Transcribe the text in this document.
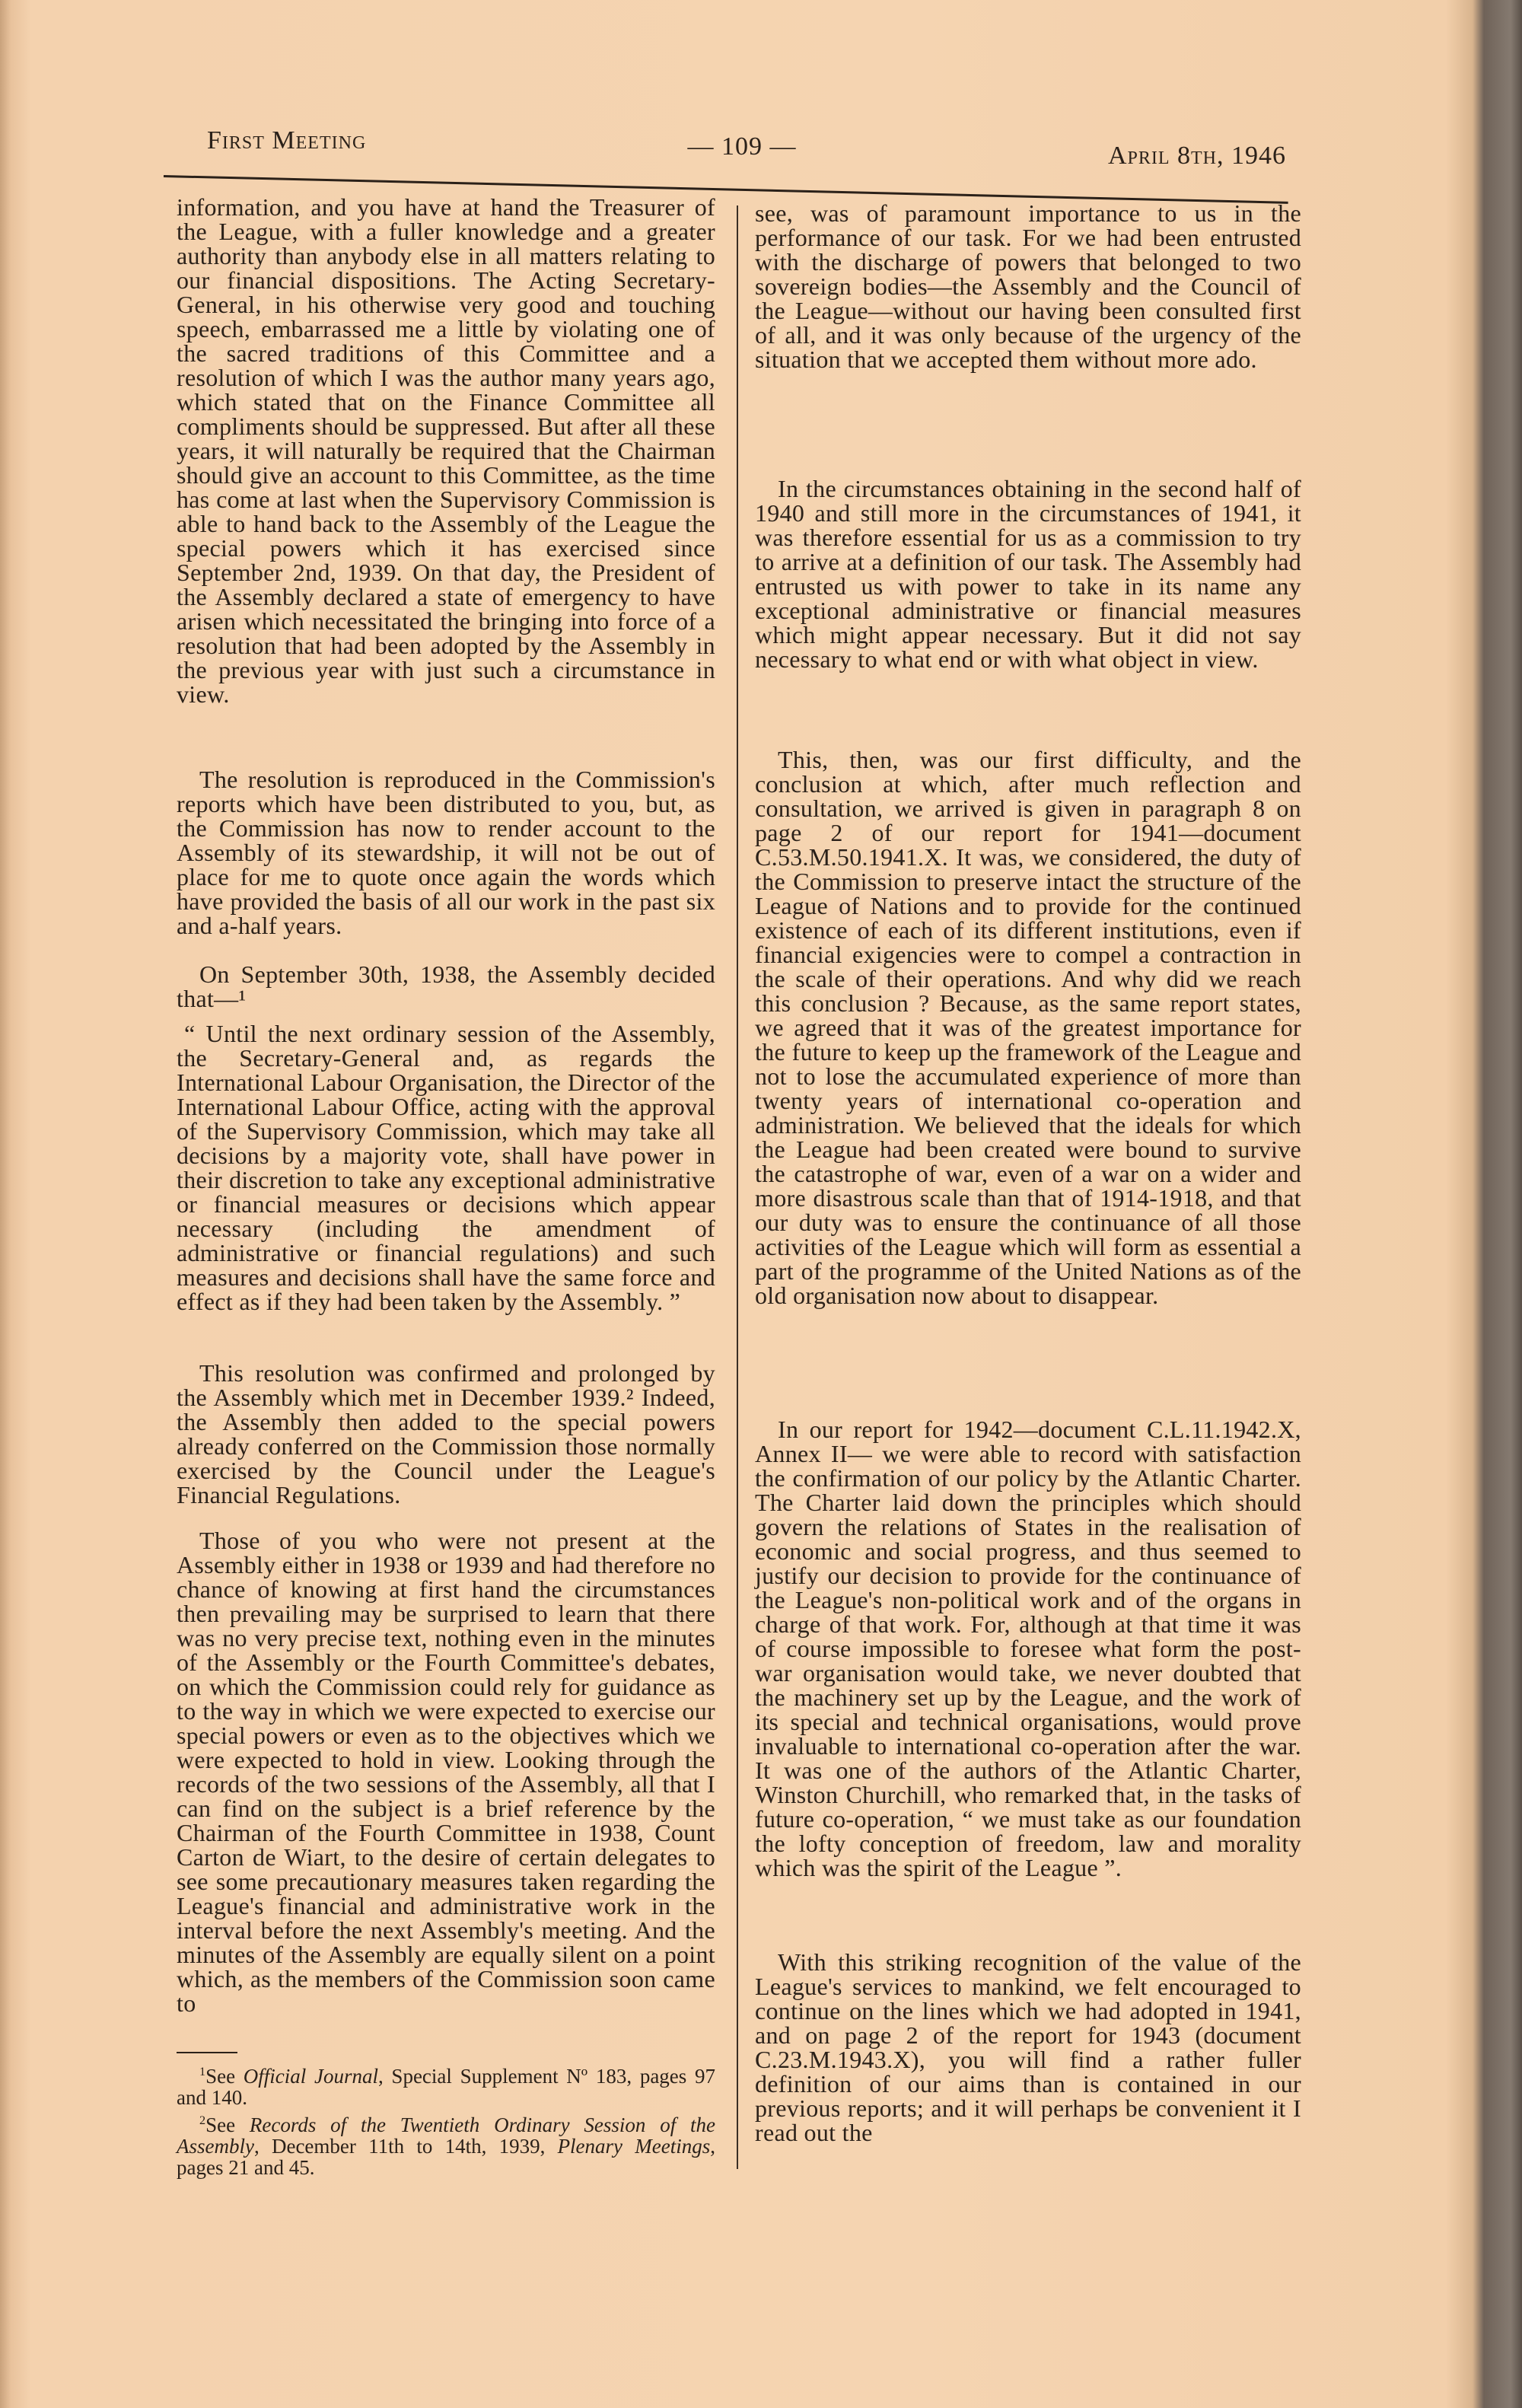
First Meeting	— 109 —	April 8th, 1946

information, and you have at hand the Treasurer of the League, with a fuller knowledge and a greater authority than anybody else in all matters relating to our financial dispositions. The Acting Secretary-General, in his otherwise very good and touching speech, embarrassed me a little by violating one of the sacred traditions of this Committee and a resolution of which I was the author many years ago, which stated that on the Finance Committee all compliments should be suppressed. But after all these years, it will naturally be required that the Chairman should give an account to this Committee, as the time has come at last when the Supervisory Commission is able to hand back to the Assembly of the League the special powers which it has exercised since September 2nd, 1939. On that day, the President of the Assembly declared a state of emergency to have arisen which necessitated the bringing into force of a resolution that had been adopted by the Assembly in the previous year with just such a circumstance in view.

The resolution is reproduced in the Commission's reports which have been distributed to you, but, as the Commission has now to render account to the Assembly of its stewardship, it will not be out of place for me to quote once again the words which have provided the basis of all our work in the past six and a-half years.

On September 30th, 1938, the Assembly decided that—¹

“ Until the next ordinary session of the Assembly, the Secretary-General and, as regards the International Labour Organisation, the Director of the International Labour Office, acting with the approval of the Supervisory Commission, which may take all decisions by a majority vote, shall have power in their discretion to take any exceptional administrative or financial measures or decisions which appear necessary (including the amendment of administrative or financial regulations) and such measures and decisions shall have the same force and effect as if they had been taken by the Assembly. ”

This resolution was confirmed and prolonged by the Assembly which met in December 1939.² Indeed, the Assembly then added to the special powers already conferred on the Commission those normally exercised by the Council under the League's Financial Regulations.

Those of you who were not present at the Assembly either in 1938 or 1939 and had therefore no chance of knowing at first hand the circumstances then prevailing may be surprised to learn that there was no very precise text, nothing even in the minutes of the Assembly or the Fourth Committee's debates, on which the Commission could rely for guidance as to the way in which we were expected to exercise our special powers or even as to the objectives which we were expected to hold in view. Looking through the records of the two sessions of the Assembly, all that I can find on the subject is a brief reference by the Chairman of the Fourth Committee in 1938, Count Carton de Wiart, to the desire of certain delegates to see some precautionary measures taken regarding the League's financial and administrative work in the interval before the next Assembly's meeting. And the minutes of the Assembly are equally silent on a point which, as the members of the Commission soon came to

$^1$See Official Journal, Special Supplement Nº 183, pages 97 and 140.

$^2$See Records of the Twentieth Ordinary Session of the Assembly, December 11th to 14th, 1939, Plenary Meetings, pages 21 and 45.

see, was of paramount importance to us in the performance of our task. For we had been entrusted with the discharge of powers that belonged to two sovereign bodies—the Assembly and the Council of the League—without our having been consulted first of all, and it was only because of the urgency of the situation that we accepted them without more ado.

In the circumstances obtaining in the second half of 1940 and still more in the circumstances of 1941, it was therefore essential for us as a commission to try to arrive at a definition of our task. The Assembly had entrusted us with power to take in its name any exceptional administrative or financial measures which might appear necessary. But it did not say necessary to what end or with what object in view.

This, then, was our first difficulty, and the conclusion at which, after much reflection and consultation, we arrived is given in paragraph 8 on page 2 of our report for 1941—document C.53.M.50.1941.X. It was, we considered, the duty of the Commission to preserve intact the structure of the League of Nations and to provide for the continued existence of each of its different institutions, even if financial exigencies were to compel a contraction in the scale of their operations. And why did we reach this conclusion ? Because, as the same report states, we agreed that it was of the greatest importance for the future to keep up the framework of the League and not to lose the accumulated experience of more than twenty years of international co-operation and administration. We believed that the ideals for which the League had been created were bound to survive the catastrophe of war, even of a war on a wider and more disastrous scale than that of 1914-1918, and that our duty was to ensure the continuance of all those activities of the League which will form as essential a part of the programme of the United Nations as of the old organisation now about to disappear.

In our report for 1942—document C.L.11.1942.X, Annex II— we were able to record with satisfaction the confirmation of our policy by the Atlantic Charter. The Charter laid down the principles which should govern the relations of States in the realisation of economic and social progress, and thus seemed to justify our decision to provide for the continuance of the League's non-political work and of the organs in charge of that work. For, although at that time it was of course impossible to foresee what form the post-war organisation would take, we never doubted that the machinery set up by the League, and the work of its special and technical organisations, would prove invaluable to international co-operation after the war. It was one of the authors of the Atlantic Charter, Winston Churchill, who remarked that, in the tasks of future co-operation, “ we must take as our foundation the lofty conception of freedom, law and morality which was the spirit of the League ”.

With this striking recognition of the value of the League's services to mankind, we felt encouraged to continue on the lines which we had adopted in 1941, and on page 2 of the report for 1943 (document C.23.M.1943.X), you will find a rather fuller definition of our aims than is contained in our previous reports; and it will perhaps be convenient it I read out the
